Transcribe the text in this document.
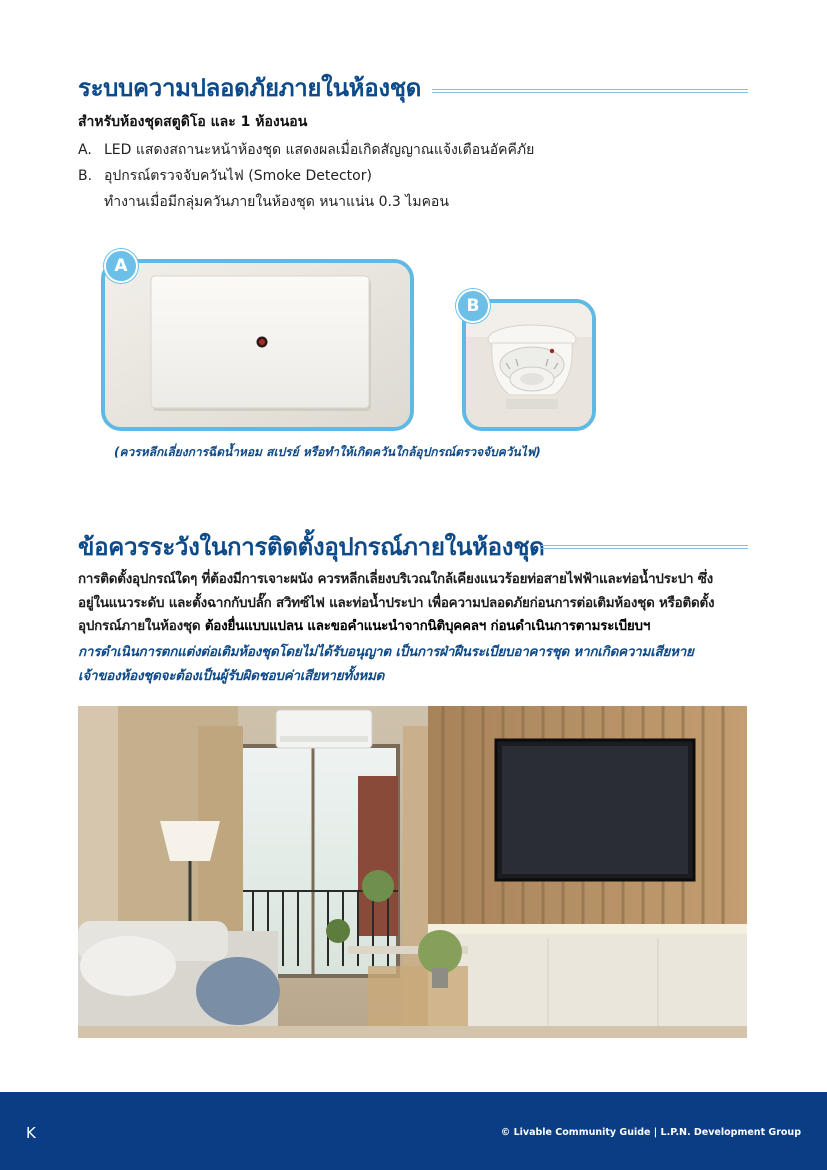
ระบบความปลอดภัยภายในห้องชุด
สำหรับห้องชุดสตูดิโอ และ 1 ห้องนอน
A. LED แสดงสถานะหน้าห้องชุด แสดงผลเมื่อเกิดสัญญาณแจ้งเตือนอัคคีภัย
B. อุปกรณ์ตรวจจับควันไฟ (Smoke Detector)
ทำงานเมื่อมีกลุ่มควันภายในห้องชุด หนาแน่น 0.3 ไมคอน
A
B
(ควรหลีกเลี่ยงการฉีดน้ำหอม สเปรย์ หรือทำให้เกิดควันใกล้อุปกรณ์ตรวจจับควันไฟ)
ข้อควรระวังในการติดตั้งอุปกรณ์ภายในห้องชุด
การติดตั้งอุปกรณ์ใดๆ ที่ต้องมีการเจาะผนัง ควรหลีกเลี่ยงบริเวณใกล้เคียงแนวร้อยท่อสายไฟฟ้าและท่อน้ำประปา ซึ่ง
อยู่ในแนวระดับ และตั้งฉากกับปลั๊ก สวิทซ์ไฟ และท่อน้ำประปา เพื่อความปลอดภัยก่อนการต่อเติมห้องชุด หรือติดตั้ง
อุปกรณ์ภายในห้องชุด ต้องยื่นแบบแปลน และขอคำแนะนำจากนิติบุคคลฯ ก่อนดำเนินการตามระเบียบฯ
การดำเนินการตกแต่งต่อเติมห้องชุดโดยไม่ได้รับอนุญาต เป็นการฝ่าฝืนระเบียบอาคารชุด หากเกิดความเสียหาย
เจ้าของห้องชุดจะต้องเป็นผู้รับผิดชอบค่าเสียหายทั้งหมด
K	© Livable Community Guide | L.P.N. Development Group
